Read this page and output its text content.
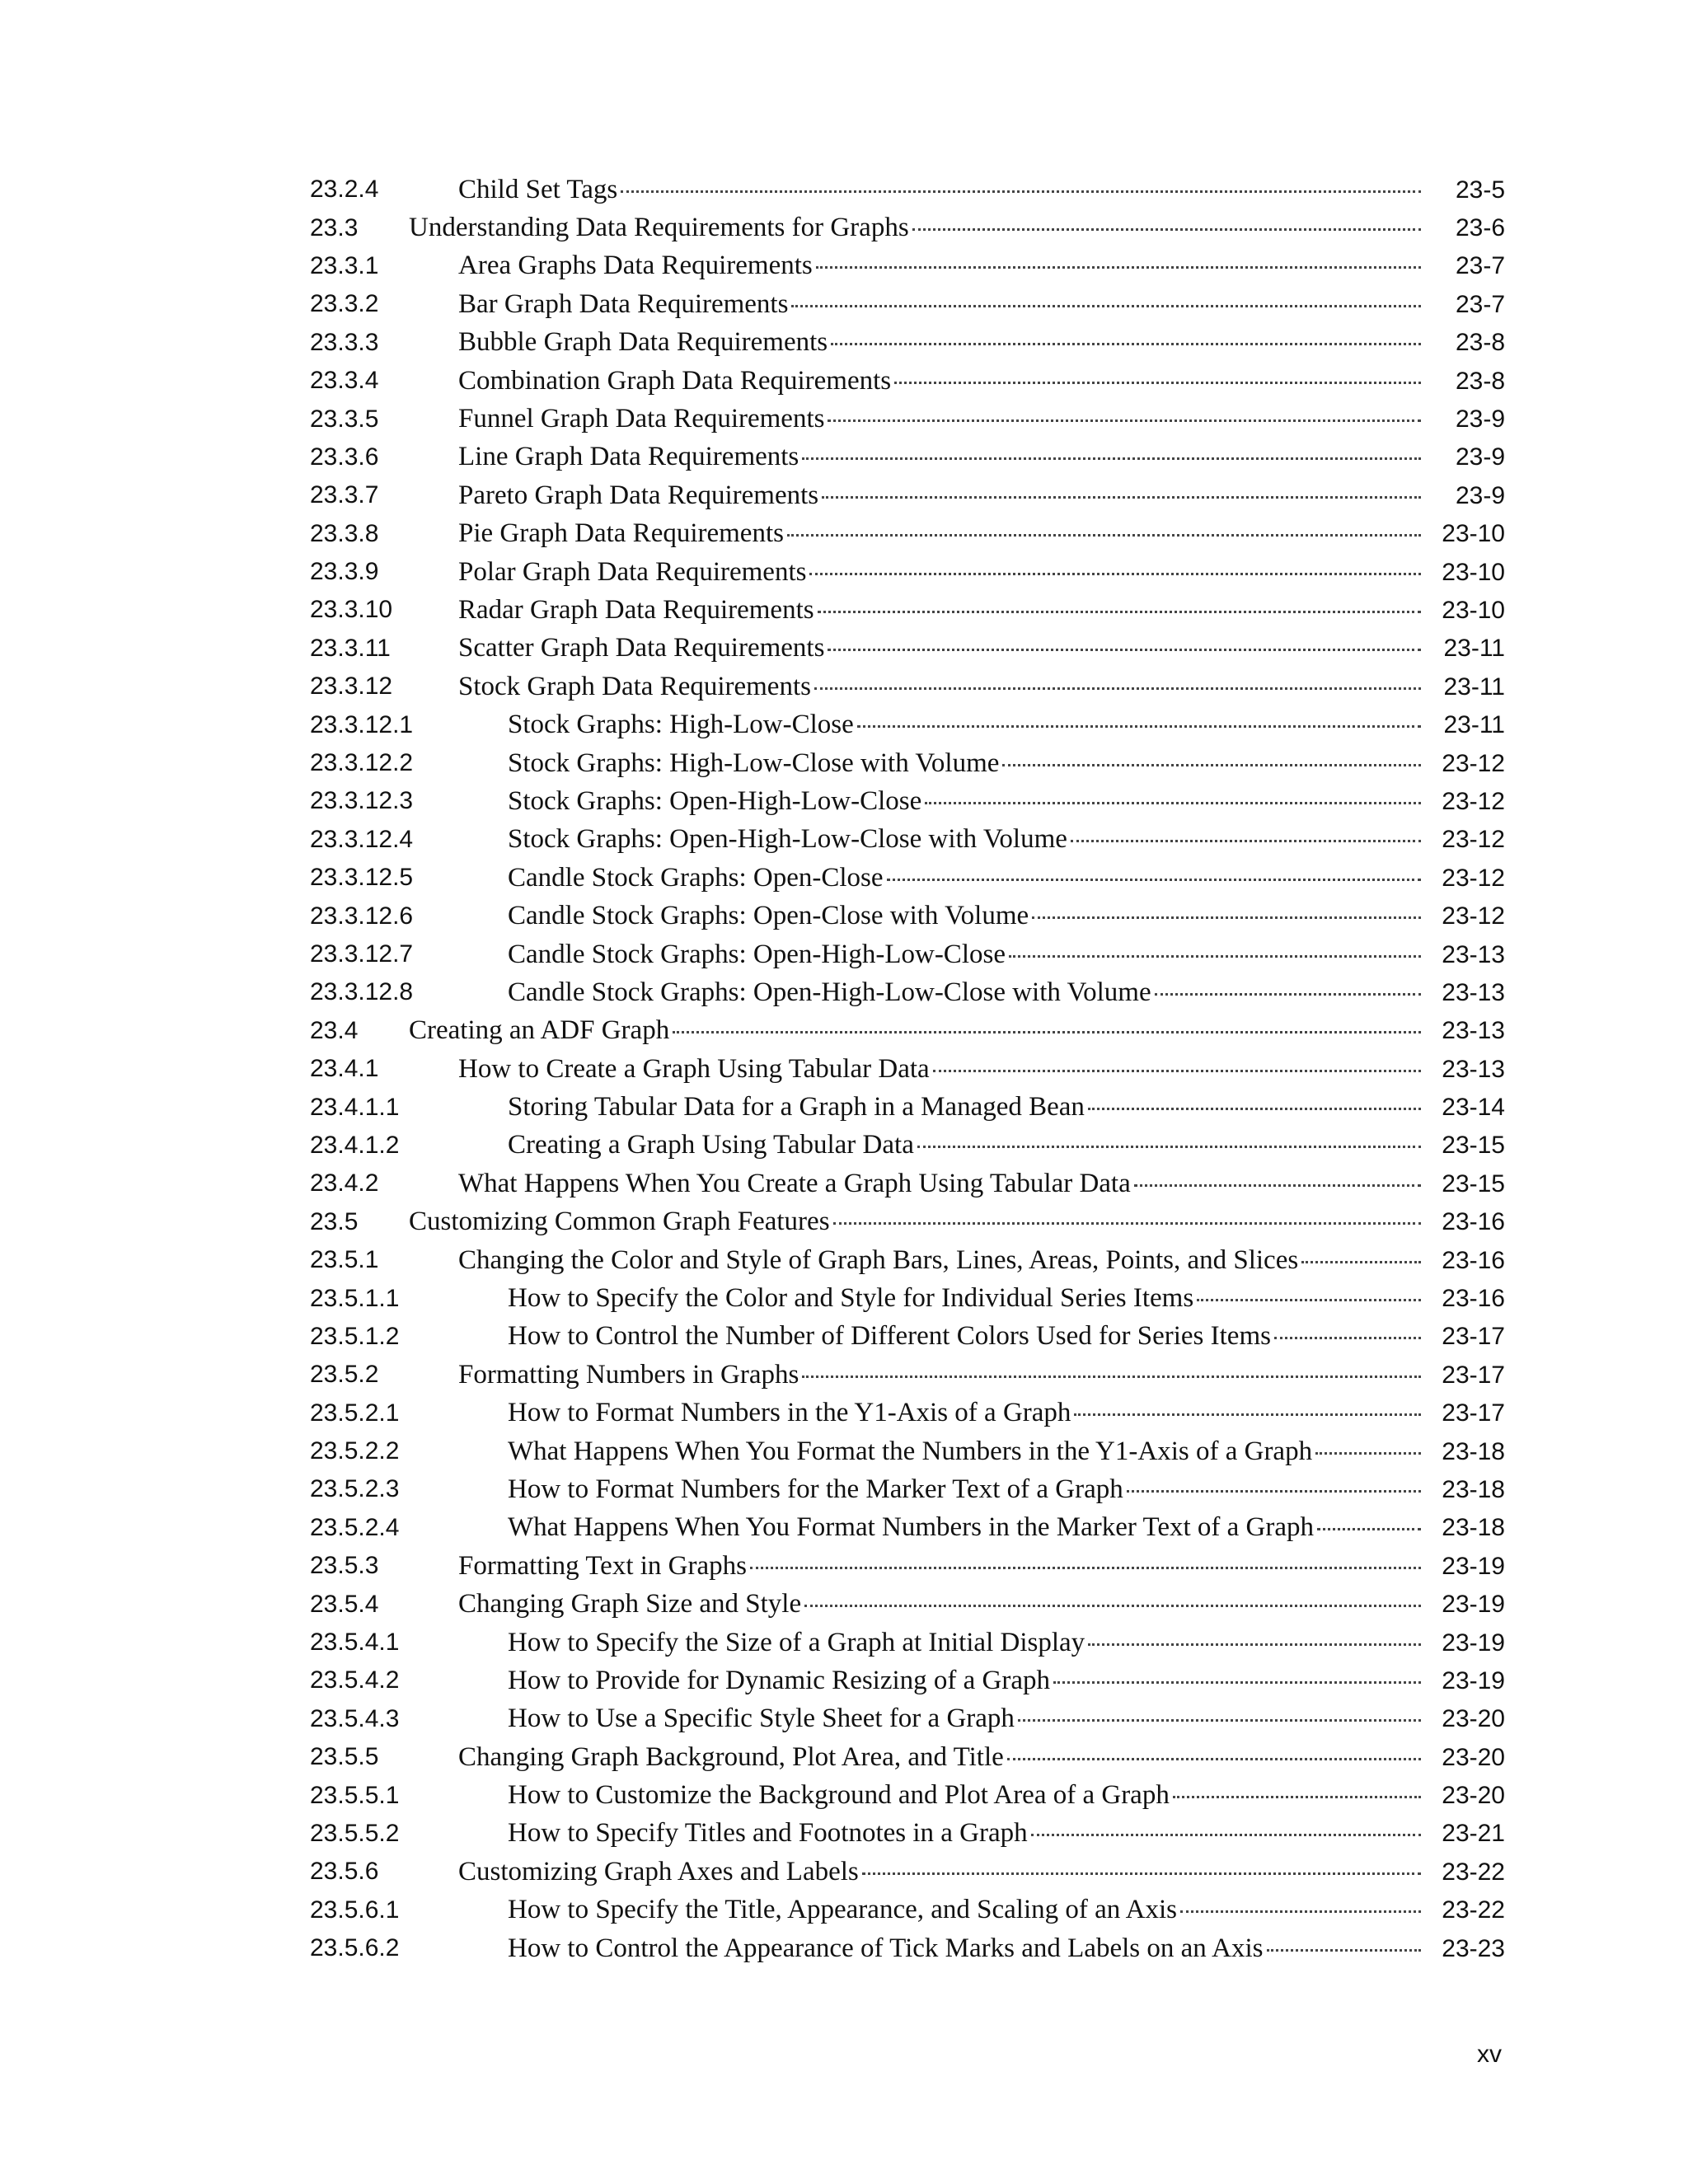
23.2.4	Child Set Tags	23-5
23.3 Understanding Data Requirements for Graphs	23-6
23.3.1	Area Graphs Data Requirements	23-7
23.3.2	Bar Graph Data Requirements	23-7
23.3.3	Bubble Graph Data Requirements	23-8
23.3.4	Combination Graph Data Requirements	23-8
23.3.5	Funnel Graph Data Requirements	23-9
23.3.6	Line Graph Data Requirements	23-9
23.3.7	Pareto Graph Data Requirements	23-9
23.3.8	Pie Graph Data Requirements	23-10
23.3.9	Polar Graph Data Requirements	23-10
23.3.10 Radar Graph Data Requirements	23-10
23.3.11 Scatter Graph Data Requirements	23-11
23.3.12 Stock Graph Data Requirements	23-11
23.3.12.1	Stock Graphs: High-Low-Close	23-11
23.3.12.2	Stock Graphs: High-Low-Close with Volume	23-12
23.3.12.3	Stock Graphs: Open-High-Low-Close	23-12
23.3.12.4	Stock Graphs: Open-High-Low-Close with Volume	23-12
23.3.12.5	Candle Stock Graphs: Open-Close	23-12
23.3.12.6	Candle Stock Graphs: Open-Close with Volume	23-12
23.3.12.7	Candle Stock Graphs: Open-High-Low-Close	23-13
23.3.12.8	Candle Stock Graphs: Open-High-Low-Close with Volume	23-13
23.4 Creating an ADF Graph	23-13
23.4.1	How to Create a Graph Using Tabular Data	23-13
23.4.1.1	Storing Tabular Data for a Graph in a Managed Bean	23-14
23.4.1.2	Creating a Graph Using Tabular Data	23-15
23.4.2	What Happens When You Create a Graph Using Tabular Data	23-15
23.5 Customizing Common Graph Features	23-16
23.5.1	Changing the Color and Style of Graph Bars, Lines, Areas, Points, and Slices	23-16
23.5.1.1	How to Specify the Color and Style for Individual Series Items	23-16
23.5.1.2	How to Control the Number of Different Colors Used for Series Items	23-17
23.5.2	Formatting Numbers in Graphs	23-17
23.5.2.1	How to Format Numbers in the Y1-Axis of a Graph	23-17
23.5.2.2	What Happens When You Format the Numbers in the Y1-Axis of a Graph	23-18
23.5.2.3	How to Format Numbers for the Marker Text of a Graph	23-18
23.5.2.4	What Happens When You Format Numbers in the Marker Text of a Graph	23-18
23.5.3	Formatting Text in Graphs	23-19
23.5.4	Changing Graph Size and Style	23-19
23.5.4.1	How to Specify the Size of a Graph at Initial Display	23-19
23.5.4.2	How to Provide for Dynamic Resizing of a Graph	23-19
23.5.4.3	How to Use a Specific Style Sheet for a Graph	23-20
23.5.5	Changing Graph Background, Plot Area, and Title	23-20
23.5.5.1	How to Customize the Background and Plot Area of a Graph	23-20
23.5.5.2	How to Specify Titles and Footnotes in a Graph	23-21
23.5.6	Customizing Graph Axes and Labels	23-22
23.5.6.1	How to Specify the Title, Appearance, and Scaling of an Axis	23-22
23.5.6.2	How to Control the Appearance of Tick Marks and Labels on an Axis	23-23
xv
